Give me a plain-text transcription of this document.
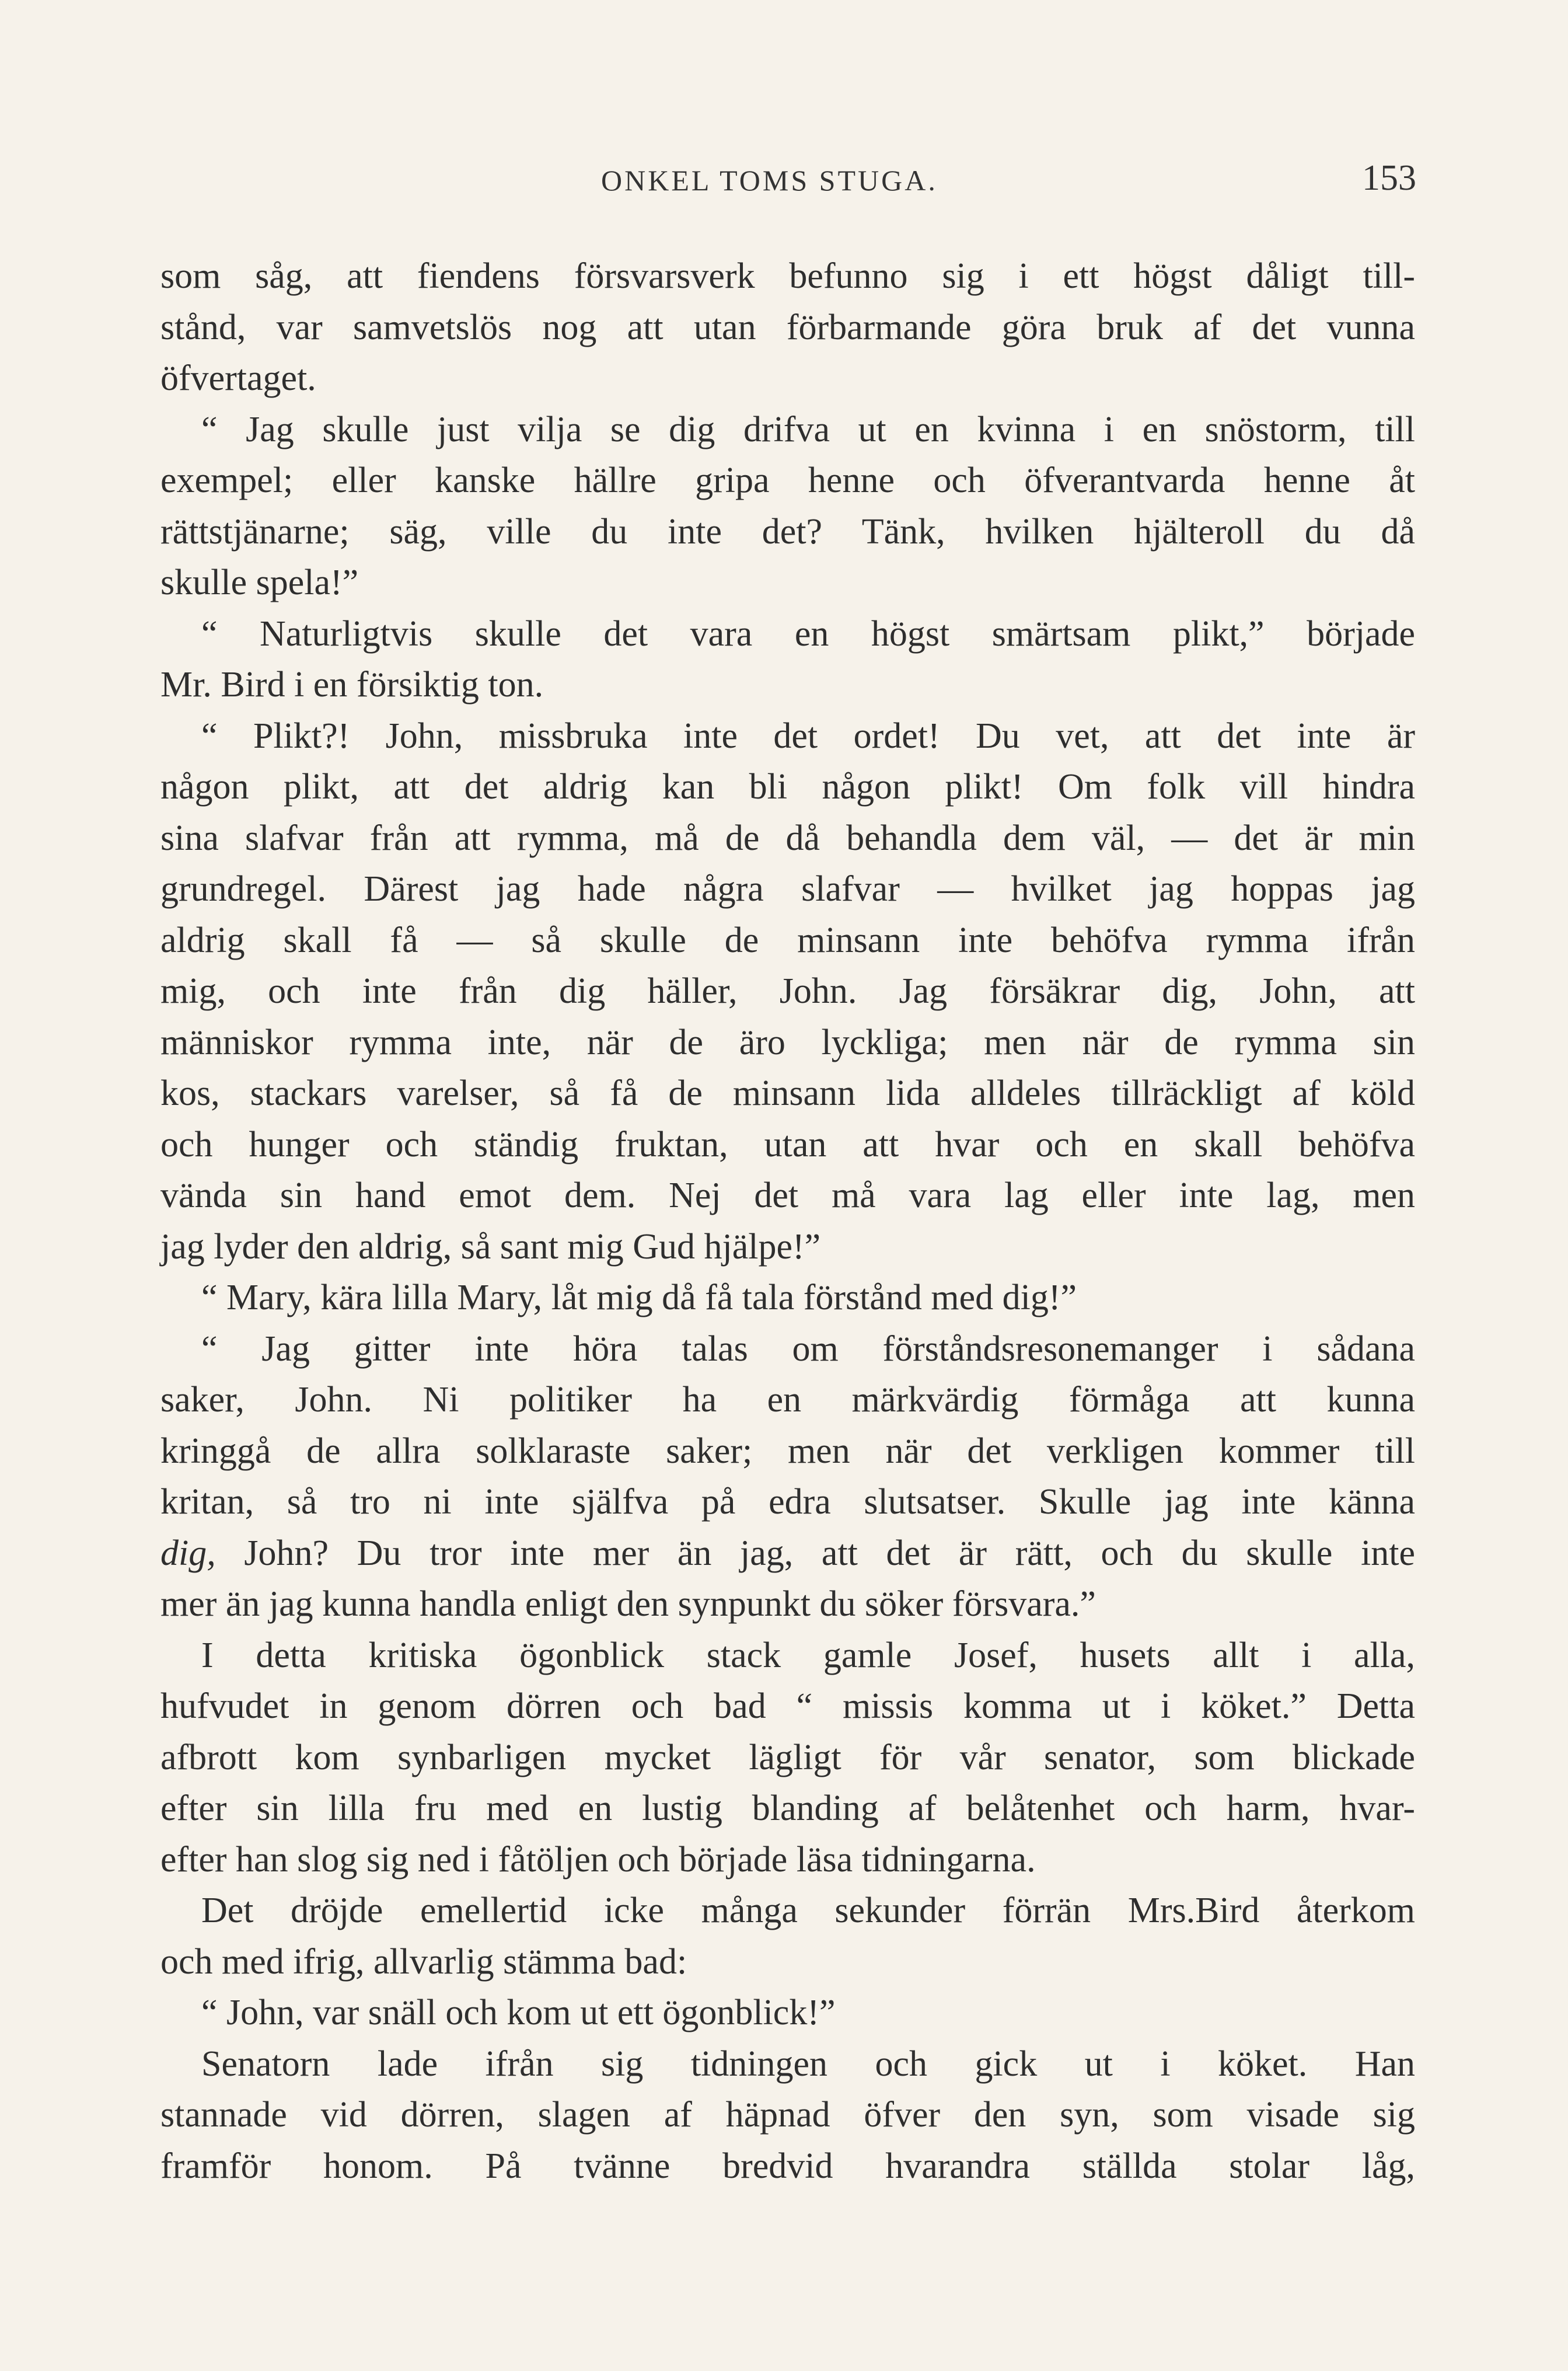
ONKEL TOMS STUGA.	153
som såg, att fiendens försvarsverk befunno sig i ett högst dåligt till-
stånd, var samvetslös nog att utan förbarmande göra bruk af det vunna
öfvertaget.
“ Jag skulle just vilja se dig drifva ut en kvinna i en snöstorm, till
exempel; eller kanske hällre gripa henne och öfverantvarda henne åt
rättstjänarne; säg, ville du inte det? Tänk, hvilken hjälteroll du då
skulle spela!”
“ Naturligtvis skulle det vara en högst smärtsam plikt,” började
Mr. Bird i en försiktig ton.
“ Plikt?! John, missbruka inte det ordet! Du vet, att det inte är
någon plikt, att det aldrig kan bli någon plikt! Om folk vill hindra
sina slafvar från att rymma, må de då behandla dem väl, — det är min
grundregel. Därest jag hade några slafvar — hvilket jag hoppas jag
aldrig skall få — så skulle de minsann inte behöfva rymma ifrån
mig, och inte från dig häller, John. Jag försäkrar dig, John, att
människor rymma inte, när de äro lyckliga; men när de rymma sin
kos, stackars varelser, så få de minsann lida alldeles tillräckligt af köld
och hunger och ständig fruktan, utan att hvar och en skall behöfva
vända sin hand emot dem. Nej det må vara lag eller inte lag, men
jag lyder den aldrig, så sant mig Gud hjälpe!”
“ Mary, kära lilla Mary, låt mig då få tala förstånd med dig!”
“ Jag gitter inte höra talas om förståndsresonemanger i sådana
saker, John. Ni politiker ha en märkvärdig förmåga att kunna
kringgå de allra solklaraste saker; men när det verkligen kommer till
kritan, så tro ni inte själfva på edra slutsatser. Skulle jag inte känna
dig, John? Du tror inte mer än jag, att det är rätt, och du skulle inte
mer än jag kunna handla enligt den synpunkt du söker försvara.”
I detta kritiska ögonblick stack gamle Josef, husets allt i alla,
hufvudet in genom dörren och bad “ missis komma ut i köket.” Detta
afbrott kom synbarligen mycket lägligt för vår senator, som blickade
efter sin lilla fru med en lustig blanding af belåtenhet och harm, hvar-
efter han slog sig ned i fåtöljen och började läsa tidningarna.
Det dröjde emellertid icke många sekunder förrän Mrs.Bird återkom
och med ifrig, allvarlig stämma bad:
“ John, var snäll och kom ut ett ögonblick!”
Senatorn lade ifrån sig tidningen och gick ut i köket. Han
stannade vid dörren, slagen af häpnad öfver den syn, som visade sig
framför honom. På tvänne bredvid hvarandra ställda stolar låg,
